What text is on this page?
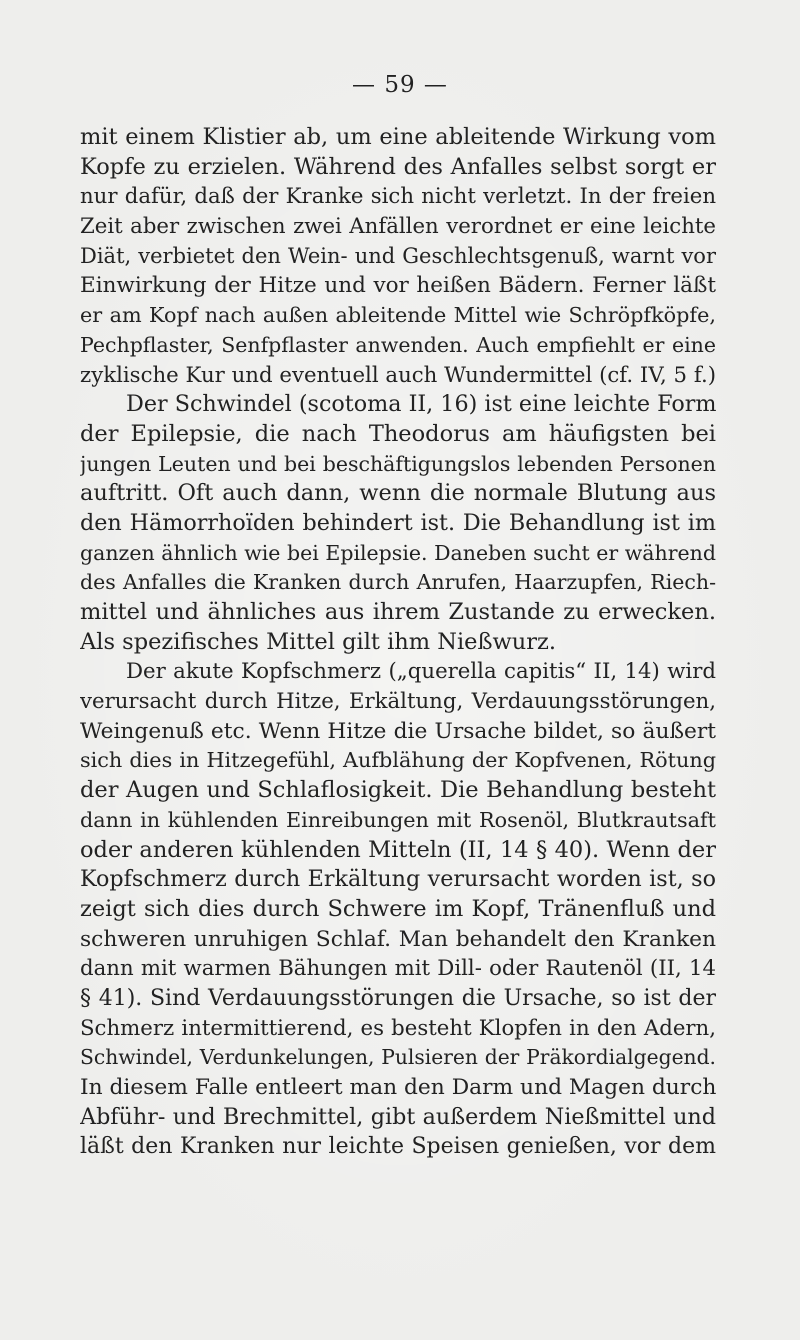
— 59 —
mit einem Klistier ab, um eine ableitende Wirkung vom
Kopfe zu erzielen. Während des Anfalles selbst sorgt er
nur dafür, daß der Kranke sich nicht verletzt. In der freien
Zeit aber zwischen zwei Anfällen verordnet er eine leichte
Diät, verbietet den Wein- und Geschlechtsgenuß, warnt vor
Einwirkung der Hitze und vor heißen Bädern. Ferner läßt
er am Kopf nach außen ableitende Mittel wie Schröpfköpfe,
Pechpflaster, Senfpflaster anwenden. Auch empfiehlt er eine
zyklische Kur und eventuell auch Wundermittel (cf. IV, 5 f.)
Der Schwindel (scotoma II, 16) ist eine leichte Form
der Epilepsie, die nach Theodorus am häufigsten bei
jungen Leuten und bei beschäftigungslos lebenden Personen
auftritt. Oft auch dann, wenn die normale Blutung aus
den Hämorrhoïden behindert ist. Die Behandlung ist im
ganzen ähnlich wie bei Epilepsie. Daneben sucht er während
des Anfalles die Kranken durch Anrufen, Haarzupfen, Riech-
mittel und ähnliches aus ihrem Zustande zu erwecken.
Als spezifisches Mittel gilt ihm Nießwurz.
Der akute Kopfschmerz („querella capitis“ II, 14) wird
verursacht durch Hitze, Erkältung, Verdauungsstörungen,
Weingenuß etc. Wenn Hitze die Ursache bildet, so äußert
sich dies in Hitzegefühl, Aufblähung der Kopfvenen, Rötung
der Augen und Schlaflosigkeit. Die Behandlung besteht
dann in kühlenden Einreibungen mit Rosenöl, Blutkrautsaft
oder anderen kühlenden Mitteln (II, 14 § 40). Wenn der
Kopfschmerz durch Erkältung verursacht worden ist, so
zeigt sich dies durch Schwere im Kopf, Tränenfluß und
schweren unruhigen Schlaf. Man behandelt den Kranken
dann mit warmen Bähungen mit Dill- oder Rautenöl (II, 14
§ 41). Sind Verdauungsstörungen die Ursache, so ist der
Schmerz intermittierend, es besteht Klopfen in den Adern,
Schwindel, Verdunkelungen, Pulsieren der Präkordialgegend.
In diesem Falle entleert man den Darm und Magen durch
Abführ- und Brechmittel, gibt außerdem Nießmittel und
läßt den Kranken nur leichte Speisen genießen, vor dem
